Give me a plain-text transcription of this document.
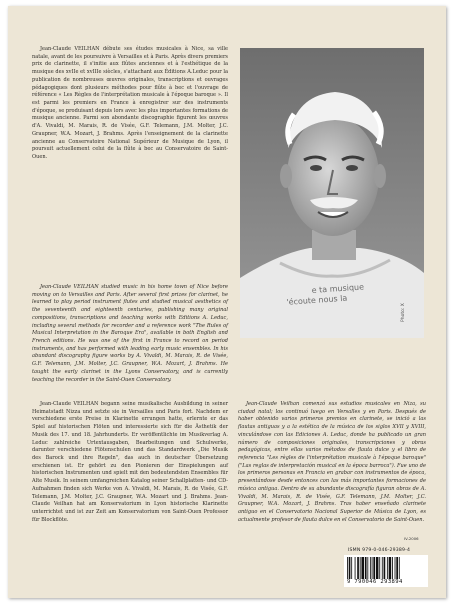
Jean-Claude VEILHAN débute ses études musicales à Nice, sa ville natale, avant de les poursuivre à Versailles et à Paris. Après divers premiers prix de clarinette, il s'initie aux flûtes anciennes et à l'esthétique de la musique des xvIIe et xvIIIe siècles, s'attachant aux Éditions A.Leduc pour la publication de nombreuses œuvres originales, transcriptions et ouvrages pédagogiques dont plusieurs méthodes pour flûte à bec et l'ouvrage de référence « Les Règles de l'interprétation musicale à l'époque baroque ». Il est parmi les premiers en France à enregistrer sur des instruments d'époque, se produisant depuis lors avec les plus importantes formations de musique ancienne. Parmi son abondante discographie figurent les œuvres d'A. Vivaldi, M. Marais, R. de Visée, G.F. Telemann, J.M. Molter, J.C. Graupner, W.A. Mozart, J. Brahms. Après l'enseignement de la clarinette ancienne au Conservatoire National Supérieur de Musique de Lyon, il poursuit actuellement celui de la flûte à bec au Conservatoire de Saint-Ouen.

Jean-Claude VEILHAN studied music in his home town of Nice before moving on to Versailles and Paris. After several first prizes for clarinet, he learned to play period instrument flutes and studied musical aesthetics of the seventeenth and eighteenth centuries, publishing many original compositions, transcriptions and teaching works with Editions A. Leduc, including several methods for recorder and a reference work "The Rules of Musical Interpretation in the Baroque Era", available in both English and French editions. He was one of the first in France to record on period instruments, and has performed with leading early music ensembles. In his abundant discography figure works by A. Vivaldi, M. Marais, R. de Visée, G.F. Telemann, J.M. Molter, J.C. Graupner, W.A. Mozart, J. Brahms. He taught the early clarinet in the Lyons Conservatory, and is currently teaching the recorder in the Saint-Ouen Conservatory.

Jean-Claude VEILHAN begann seine musikalische Ausbildung in seiner Heimatstadt Nizza und setzte sie in Versailles und Paris fort. Nachdem er verschiedene erste Preise in Klarinette errungen hatte, erlernte er das Spiel auf historischen Flöten und interessierte sich für die Ästhetik der Musik des 17. und 18. Jahrhunderts. Er veröffentlichte im Musikverlag A. Leduc zahlreiche Urtextausgaben, Bearbeitungen und Schulwerke, darunter verschiedene Flötenschulen und das Standardwerk „Die Musik des Barock und ihre Regeln", das auch in deutscher Übersetzung erschienen ist. Er gehört zu den Pionieren der Einspielungen auf historischen Instrumenten und spielt mit den bedeutendsten Ensembles für Alte Musik. In seinem umfangreichen Katalog seiner Schallplatten- und CD-Aufnahmen finden sich Werke von A. Vivaldi, M. Marais, R. de Visée, G.F. Telemann, J.M. Molter, J.C. Graupner, W.A. Mozart und J. Brahms. Jean-Claude Veilhan hat am Konservatorium in Lyon historische Klarinette unterrichtet und ist zur Zeit am Konservatorium von Saint-Ouen Professor für Blockflöte.

Jean-Claude Veilhan comenzó sus estudios musicales en Niza, su ciudad natal; los continuó luego en Versalles y en Paris. Después de haber obtenido varios primeros premios en clarinete, se inició a las flautas antiguas y a la estética de la música de los siglos XVII y XVIII, vinculándose con las Ediciones A. Leduc, donde ha publicado un gran número de composiciones originales, transcripciones y obras pedagógicas, entre ellas varios métodos de flauta dulce y el libro de referencia "Les règles de l'interprétation musicale à l'époque baroque" ("Las reglas de interpretación musical en la época barroca"). Fue uno de los primeros personas en Francia en grabar con instrumentos de época, presentándose desde entonces con las más importantes formaciones de música antigua. Dentro de su abundante discografía figuran obras de A. Vivaldi, M. Marais, R. de Visée, G.F. Telemann, J.M. Molter, J.C. Graupner, W.A. Mozart, J. Brahms. Tras haber enseñado clarinete antiguo en el Conservatorio Nacional Superior de Música de Lyon, es actualmente profesor de flauta dulce en el Conservatorio de Saint-Ouen.

e ta musique
'écoute nous la
Photo: X
IV-2006
ISMN 979-0-046-29389-4
9 790046 293894
